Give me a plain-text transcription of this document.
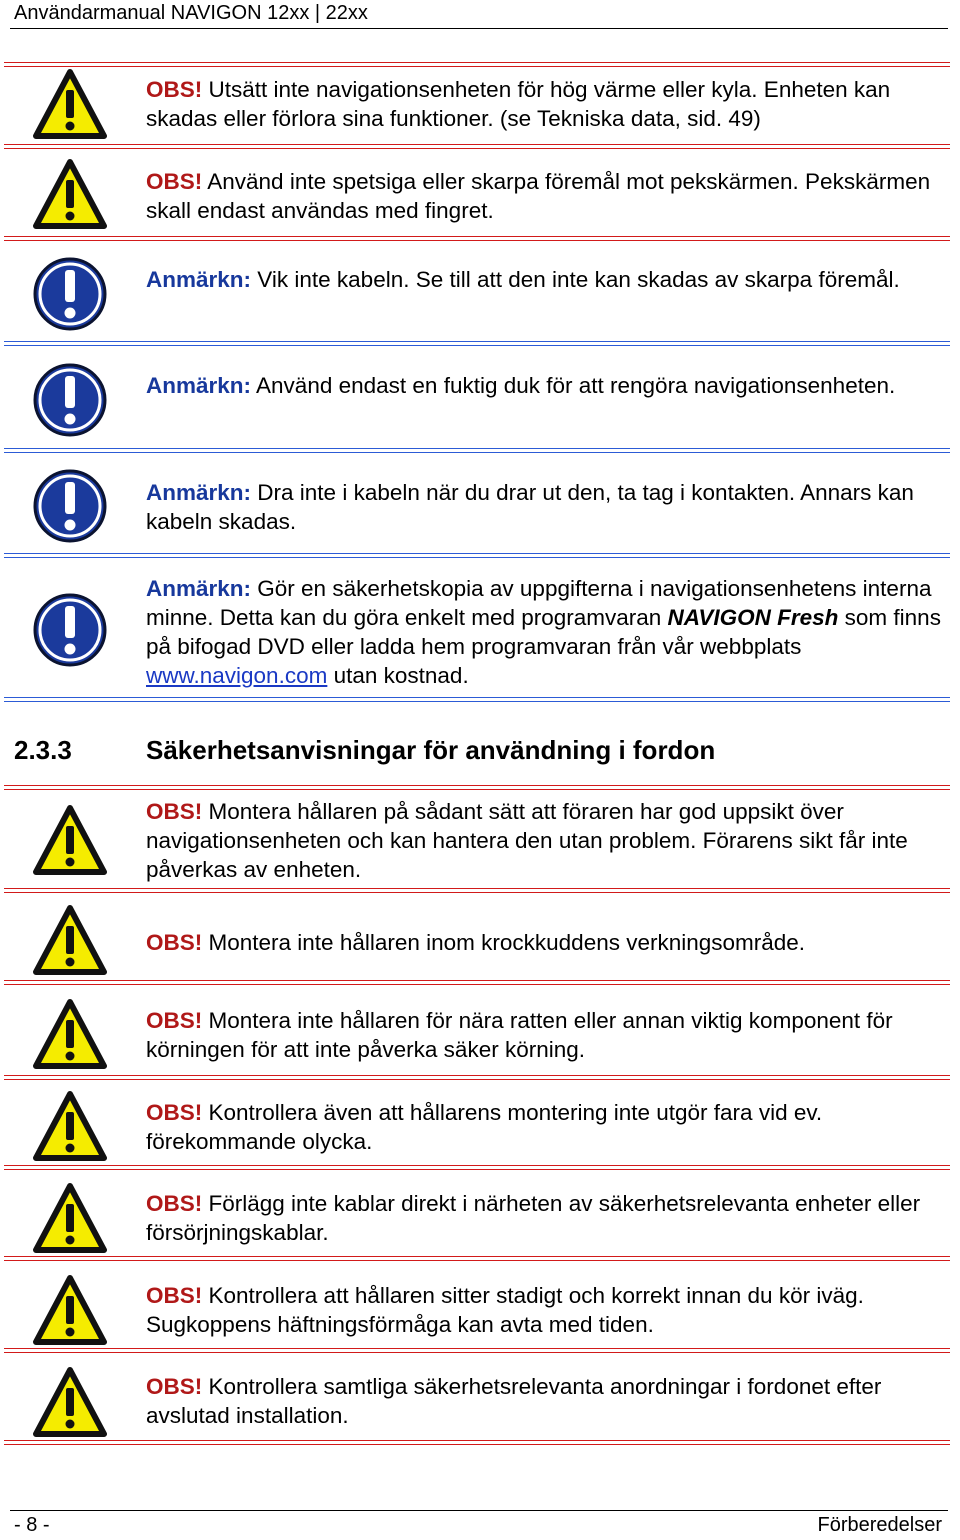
Användarmanual NAVIGON 12xx | 22xx
OBS! Utsätt inte navigationsenheten för hög värme eller kyla. Enheten kan skadas eller förlora sina funktioner. (se Tekniska data, sid. 49)
OBS! Använd inte spetsiga eller skarpa föremål mot pekskärmen. Pekskärmen skall endast användas med fingret.
Anmärkn: Vik inte kabeln. Se till att den inte kan skadas av skarpa föremål.
Anmärkn: Använd endast en fuktig duk för att rengöra navigationsenheten.
Anmärkn: Dra inte i kabeln när du drar ut den, ta tag i kontakten. Annars kan kabeln skadas.
Anmärkn: Gör en säkerhetskopia av uppgifterna i navigationsenhetens interna minne. Detta kan du göra enkelt med programvaran NAVIGON Fresh som finns på bifogad DVD eller ladda hem programvaran från vår webbplats www.navigon.com utan kostnad.
2.3.3	Säkerhetsanvisningar för användning i fordon
OBS! Montera hållaren på sådant sätt att föraren har god uppsikt över navigationsenheten och kan hantera den utan problem. Förarens sikt får inte påverkas av enheten.
OBS! Montera inte hållaren inom krockkuddens verkningsområde.
OBS! Montera inte hållaren för nära ratten eller annan viktig komponent för körningen för att inte påverka säker körning.
OBS! Kontrollera även att hållarens montering inte utgör fara vid ev. förekommande olycka.
OBS! Förlägg inte kablar direkt i närheten av säkerhetsrelevanta enheter eller försörjningskablar.
OBS! Kontrollera att hållaren sitter stadigt och korrekt innan du kör iväg. Sugkoppens häftningsförmåga kan avta med tiden.
OBS! Kontrollera samtliga säkerhetsrelevanta anordningar i fordonet efter avslutad installation.
- 8 -	Förberedelser
